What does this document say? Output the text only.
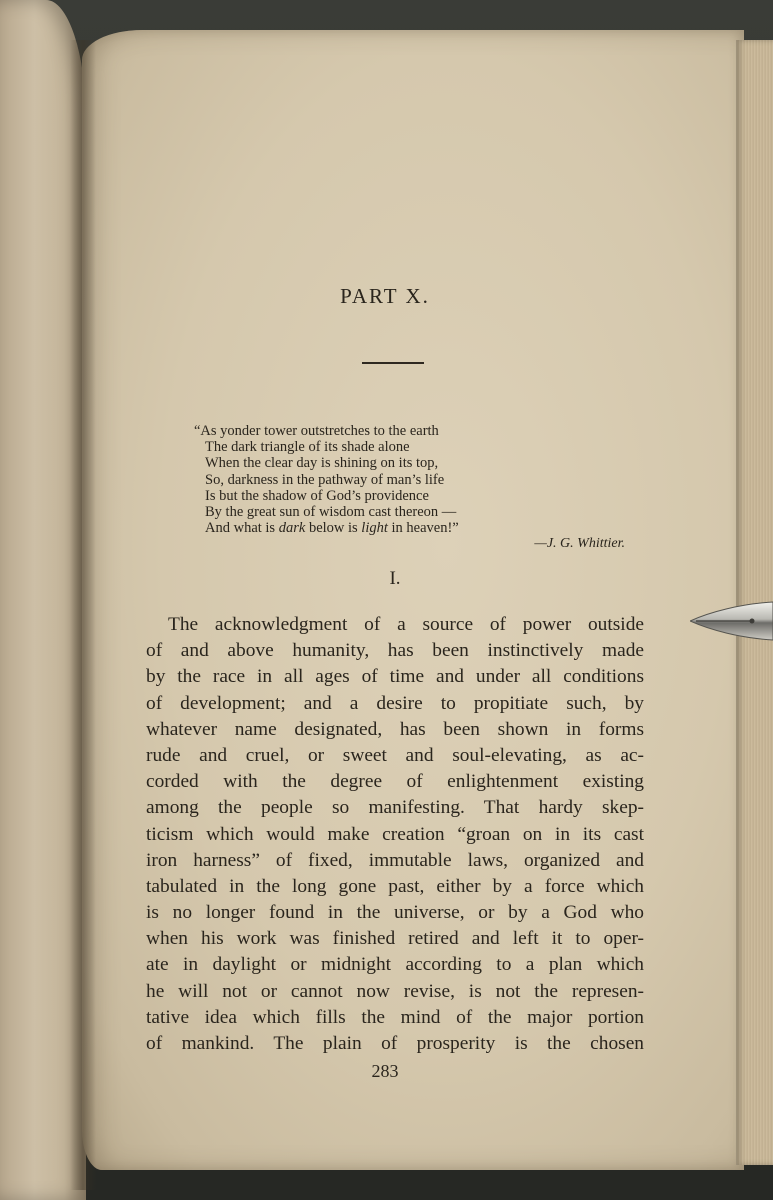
PART X.
“As yonder tower outstretches to the earth
The dark triangle of its shade alone
When the clear day is shining on its top,
So, darkness in the pathway of man’s life
Is but the shadow of God’s providence
By the great sun of wisdom cast thereon —
And what is dark below is light in heaven!”
—J. G. Whittier.
I.
The acknowledgment of a source of power outside
of and above humanity, has been instinctively made
by the race in all ages of time and under all conditions
of development; and a desire to propitiate such, by
whatever name designated, has been shown in forms
rude and cruel, or sweet and soul-elevating, as ac-
corded with the degree of enlightenment existing
among the people so manifesting. That hardy skep-
ticism which would make creation “groan on in its cast
iron harness” of fixed, immutable laws, organized and
tabulated in the long gone past, either by a force which
is no longer found in the universe, or by a God who
when his work was finished retired and left it to oper-
ate in daylight or midnight according to a plan which
he will not or cannot now revise, is not the represen-
tative idea which fills the mind of the major portion
of mankind. The plain of prosperity is the chosen
283
